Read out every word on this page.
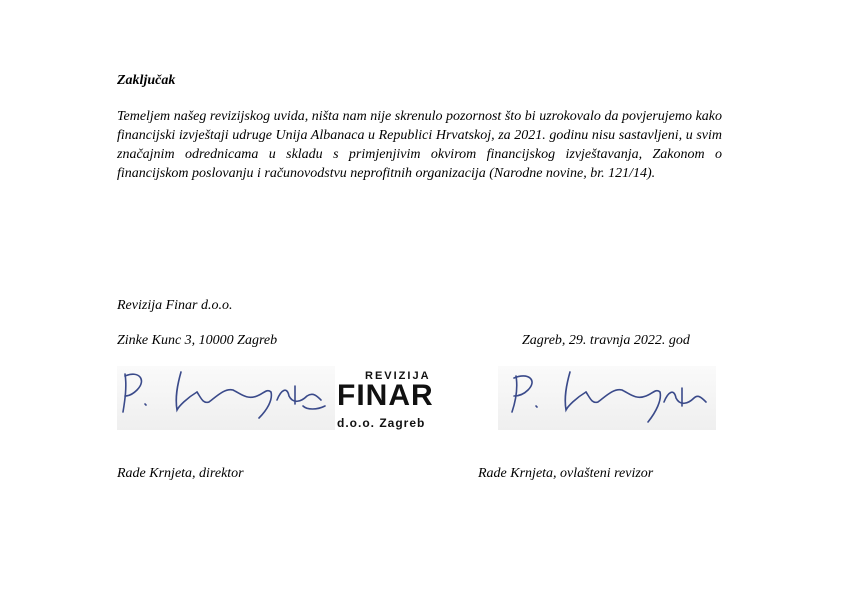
Zaključak

Temeljem našeg revizijskog uvida, ništa nam nije skrenulo pozornost što bi uzrokovalo da povjerujemo kako financijski izvještaji udruge Unija Albanaca u Republici Hrvatskoj, za 2021. godinu nisu sastavljeni, u svim značajnim odrednicama u skladu s primjenjivim okvirom financijskog izvještavanja, Zakonom o financijskom poslovanju i računovodstvu neprofitnih organizacija (Narodne novine, br. 121/14).

Revizija Finar d.o.o.
Zinke Kunc 3, 10000 Zagreb	Zagreb, 29. travnja 2022. god
REVIZIJA
FINAR
d.o.o. Zagreb
Rade Krnjeta, direktor	Rade Krnjeta, ovlašteni revizor
